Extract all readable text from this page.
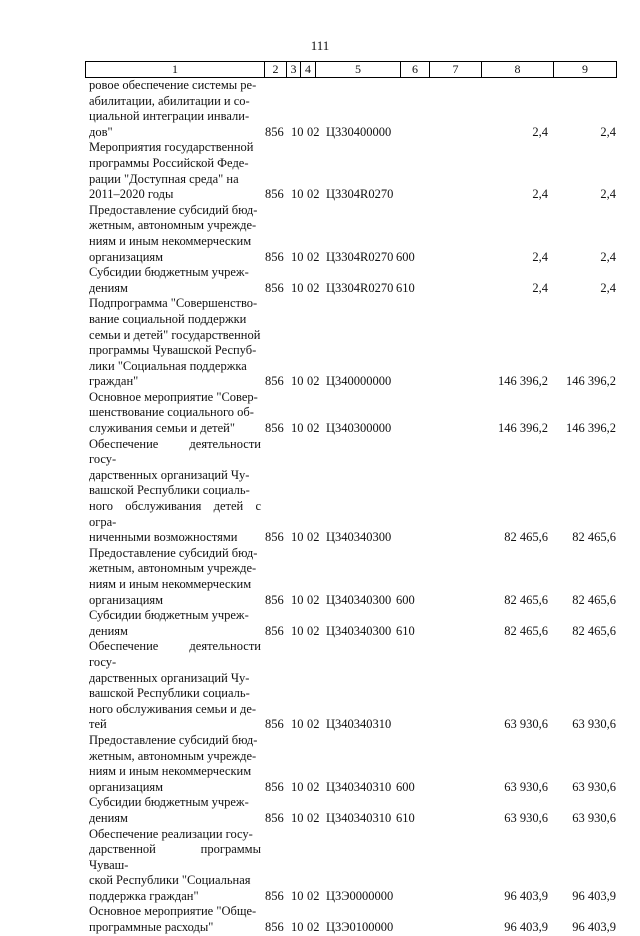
111
1	2	3 4	5	6	7	8	9
ровое обеспечение системы ре-
абилитации, абилитации и со-
циальной интеграции инвали-
дов"	856 10 02 Ц330400000	2,4	2,4
Мероприятия государственной
программы Российской Феде-
рации "Доступная среда" на
2011–2020 годы	856 10 02 Ц3304R0270	2,4	2,4
Предоставление субсидий бюд-
жетным, автономным учрежде-
ниям и иным некоммерческим
организациям	856 10 02 Ц3304R0270 600	2,4	2,4
Субсидии бюджетным учреж-
дениям	856 10 02 Ц3304R0270 610	2,4	2,4
Подпрограмма "Совершенство-
вание социальной поддержки
семьи и детей" государственной
программы Чувашской Респуб-
лики "Социальная поддержка
граждан"	856 10 02 Ц340000000	146 396,2 146 396,2
Основное мероприятие "Совер-
шенствование социального об-
служивания семьи и детей"	856 10 02 Ц340300000	146 396,2 146 396,2
Обеспечение деятельности госу-
дарственных организаций Чу-
вашской Республики социаль-
ного обслуживания детей с огра-
ниченными возможностями	856 10 02 Ц340340300	82 465,6 82 465,6
Предоставление субсидий бюд-
жетным, автономным учрежде-
ниям и иным некоммерческим
организациям	856 10 02 Ц340340300 600	82 465,6 82 465,6
Субсидии бюджетным учреж-
дениям	856 10 02 Ц340340300 610	82 465,6 82 465,6
Обеспечение деятельности госу-
дарственных организаций Чу-
вашской Республики социаль-
ного обслуживания семьи и де-
тей	856 10 02 Ц340340310	63 930,6 63 930,6
Предоставление субсидий бюд-
жетным, автономным учрежде-
ниям и иным некоммерческим
организациям	856 10 02 Ц340340310 600	63 930,6 63 930,6
Субсидии бюджетным учреж-
дениям	856 10 02 Ц340340310 610	63 930,6 63 930,6
Обеспечение реализации госу-
дарственной программы Чуваш-
ской Республики "Социальная
поддержка граждан"	856 10 02 Ц3Э0000000	96 403,9 96 403,9
Основное мероприятие "Обще-
программные расходы"	856 10 02 Ц3Э0100000	96 403,9 96 403,9
